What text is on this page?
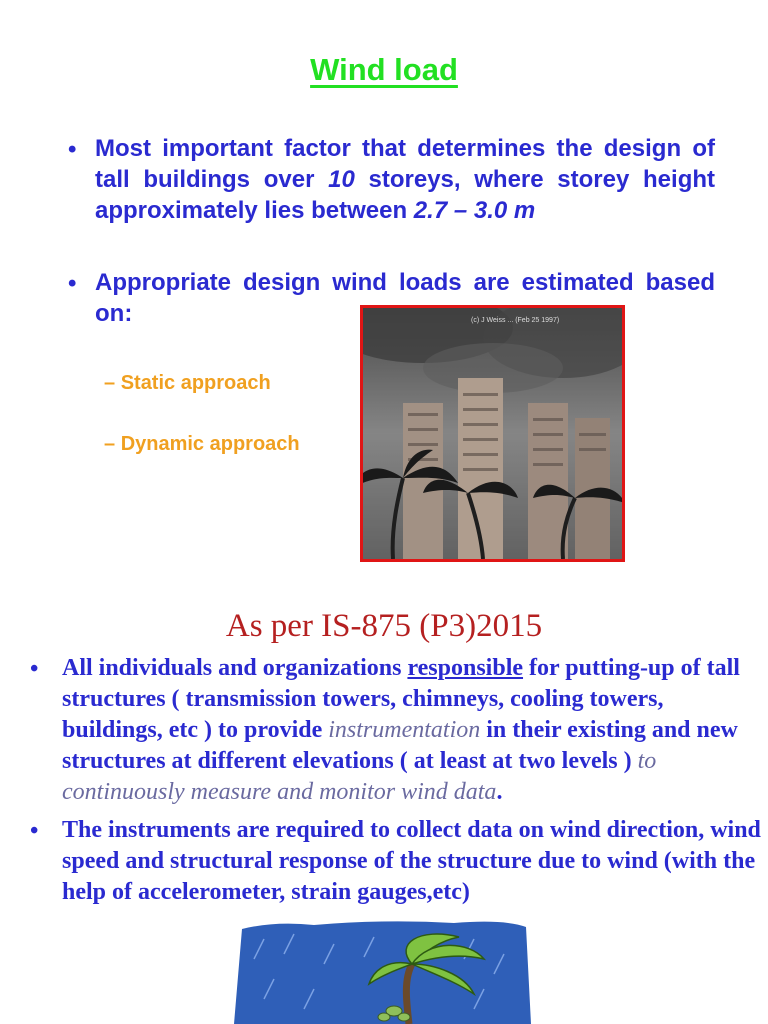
Wind load
• Most important factor that determines the design of tall buildings over 10 storeys, where storey height approximately lies between 2.7 – 3.0 m
• Appropriate design wind loads are estimated based on:
– Static approach
– Dynamic approach
(c) J Weiss ... (Feb 25 1997)
As per IS-875 (P3)2015
• All individuals and organizations responsible for putting-up of tall structures ( transmission towers, chimneys, cooling towers, buildings, etc ) to provide instrumentation in their existing and new structures at different elevations ( at least at two levels ) to continuously measure and monitor wind data.
• The instruments are required to collect data on wind direction, wind speed and structural response of the structure due to wind (with the help of accelerometer, strain gauges,etc)
